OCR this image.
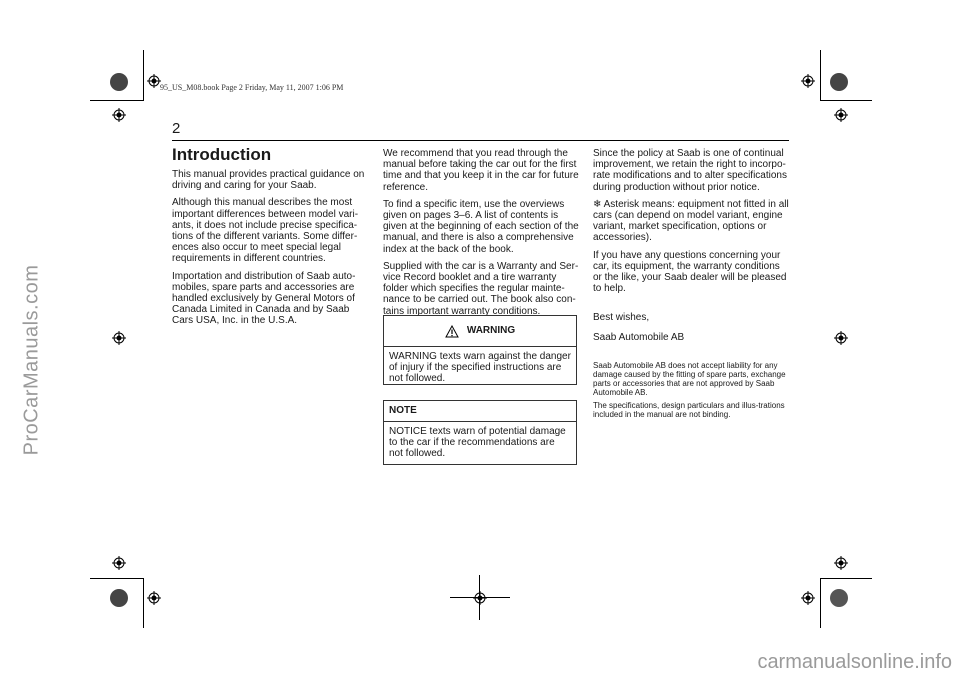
ProCarManuals.com
carmanualsonline.info
95_US_M08.book Page 2 Friday, May 11, 2007 1:06 PM
2
Introduction

This manual provides practical guidance on driving and caring for your Saab.

Although this manual describes the most important differences between model vari-ants, it does not include precise specifica-tions of the different variants. Some differ-ences also occur to meet special legal requirements in different countries.

Importation and distribution of Saab auto-mobiles, spare parts and accessories are handled exclusively by General Motors of Canada Limited in Canada and by Saab Cars USA, Inc. in the U.S.A.

We recommend that you read through the manual before taking the car out for the first time and that you keep it in the car for future reference.

To find a specific item, use the overviews given on pages 3–6. A list of contents is given at the beginning of each section of the manual, and there is also a comprehensive index at the back of the book.

Supplied with the car is a Warranty and Ser-vice Record booklet and a tire warranty folder which specifies the regular mainte-nance to be carried out. The book also con-tains important warranty conditions.

WARNING
WARNING texts warn against the danger of injury if the specified instructions are not followed.
NOTE
NOTICE texts warn of potential damage to the car if the recommendations are not followed.

Since the policy at Saab is one of continual improvement, we retain the right to incorpo-rate modifications and to alter specifications during production without prior notice.

❄ Asterisk means: equipment not fitted in all cars (can depend on model variant, engine variant, market specification, options or accessories).

If you have any questions concerning your car, its equipment, the warranty conditions or the like, your Saab dealer will be pleased to help.

Best wishes,

Saab Automobile AB

Saab Automobile AB does not accept liability for any damage caused by the fitting of spare parts, exchange parts or accessories that are not approved by Saab Automobile AB.

The specifications, design particulars and illus-trations included in the manual are not binding.
